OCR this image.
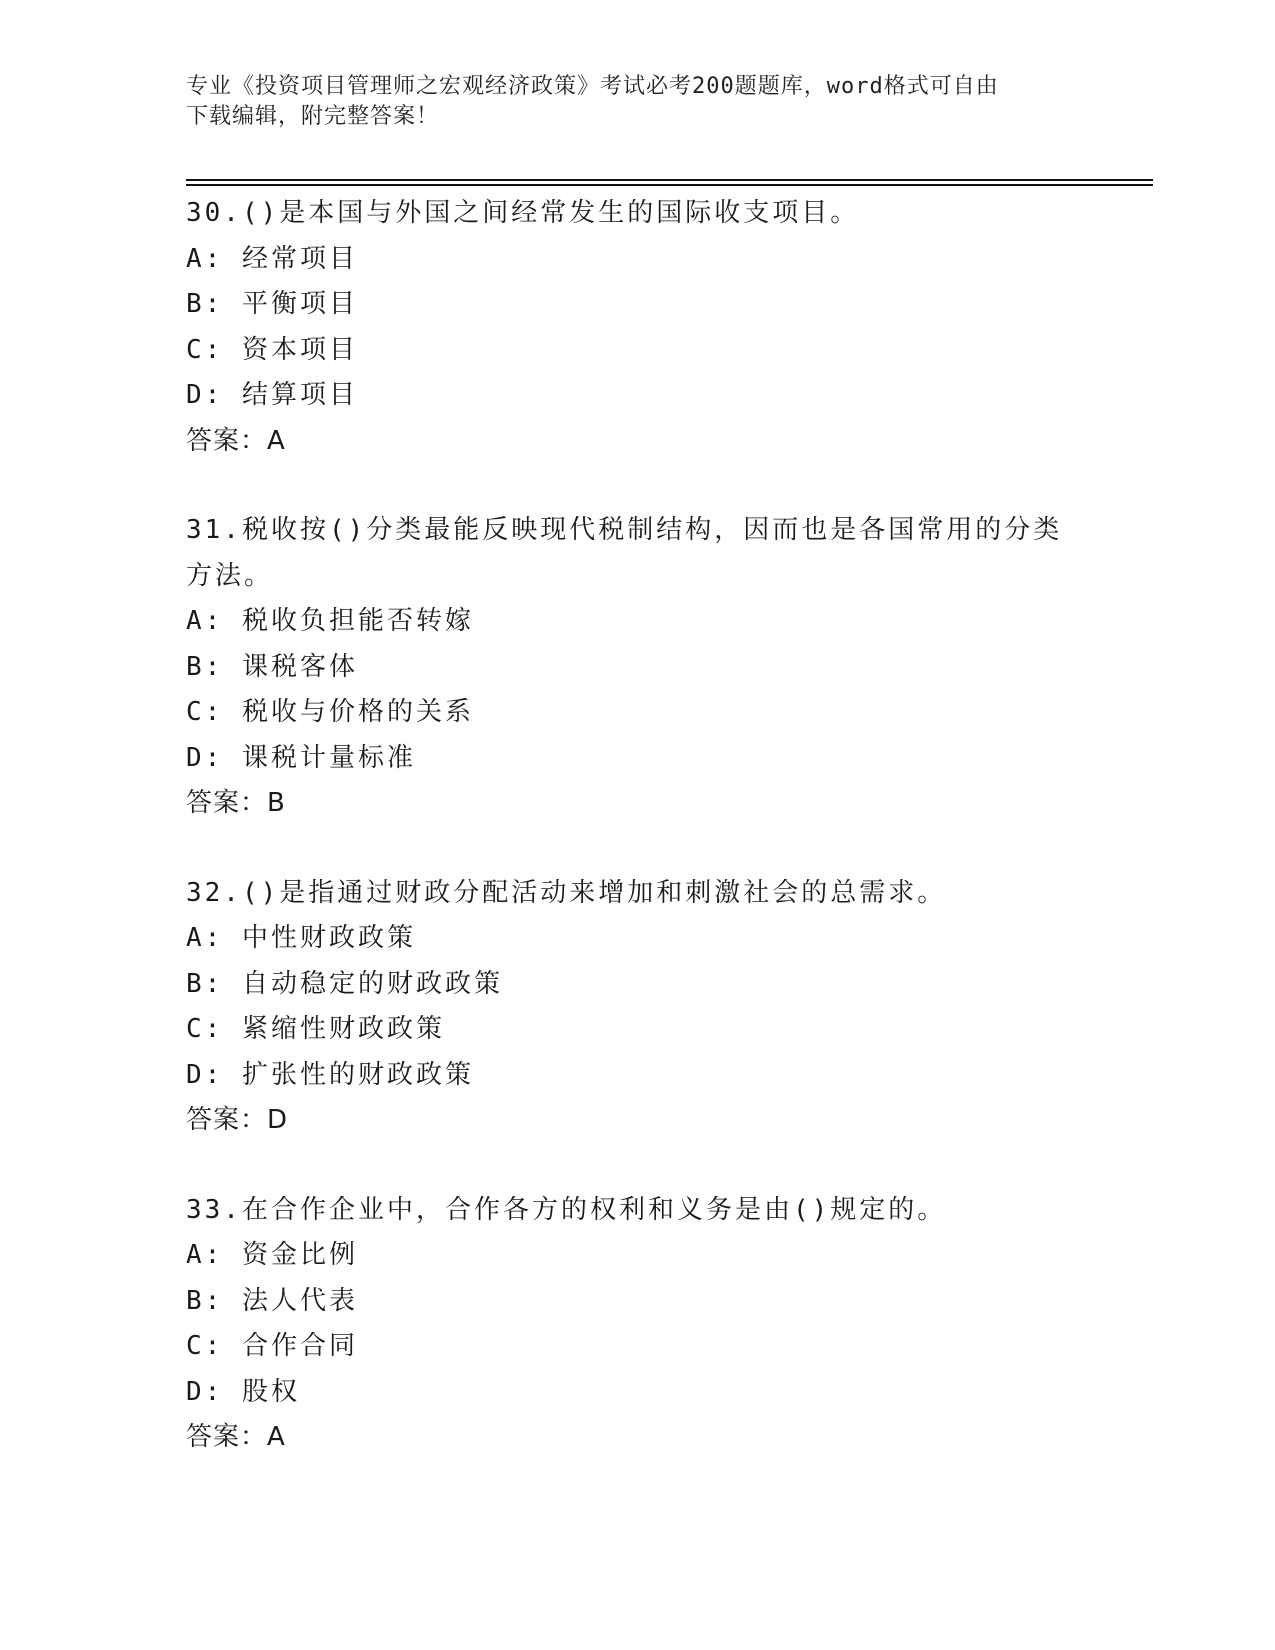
专业《投资项目管理师之宏观经济政策》考试必考200题题库，word格式可自由
下载编辑，附完整答案！
30.()是本国与外国之间经常发生的国际收支项目。
A: 经常项目
B: 平衡项目
C: 资本项目
D: 结算项目
答案：A
31.税收按()分类最能反映现代税制结构，因而也是各国常用的分类方法。
A: 税收负担能否转嫁
B: 课税客体
C: 税收与价格的关系
D: 课税计量标准
答案：B
32.()是指通过财政分配活动来增加和刺激社会的总需求。
A: 中性财政政策
B: 自动稳定的财政政策
C: 紧缩性财政政策
D: 扩张性的财政政策
答案：D
33.在合作企业中，合作各方的权利和义务是由()规定的。
A: 资金比例
B: 法人代表
C: 合作合同
D: 股权
答案：A
